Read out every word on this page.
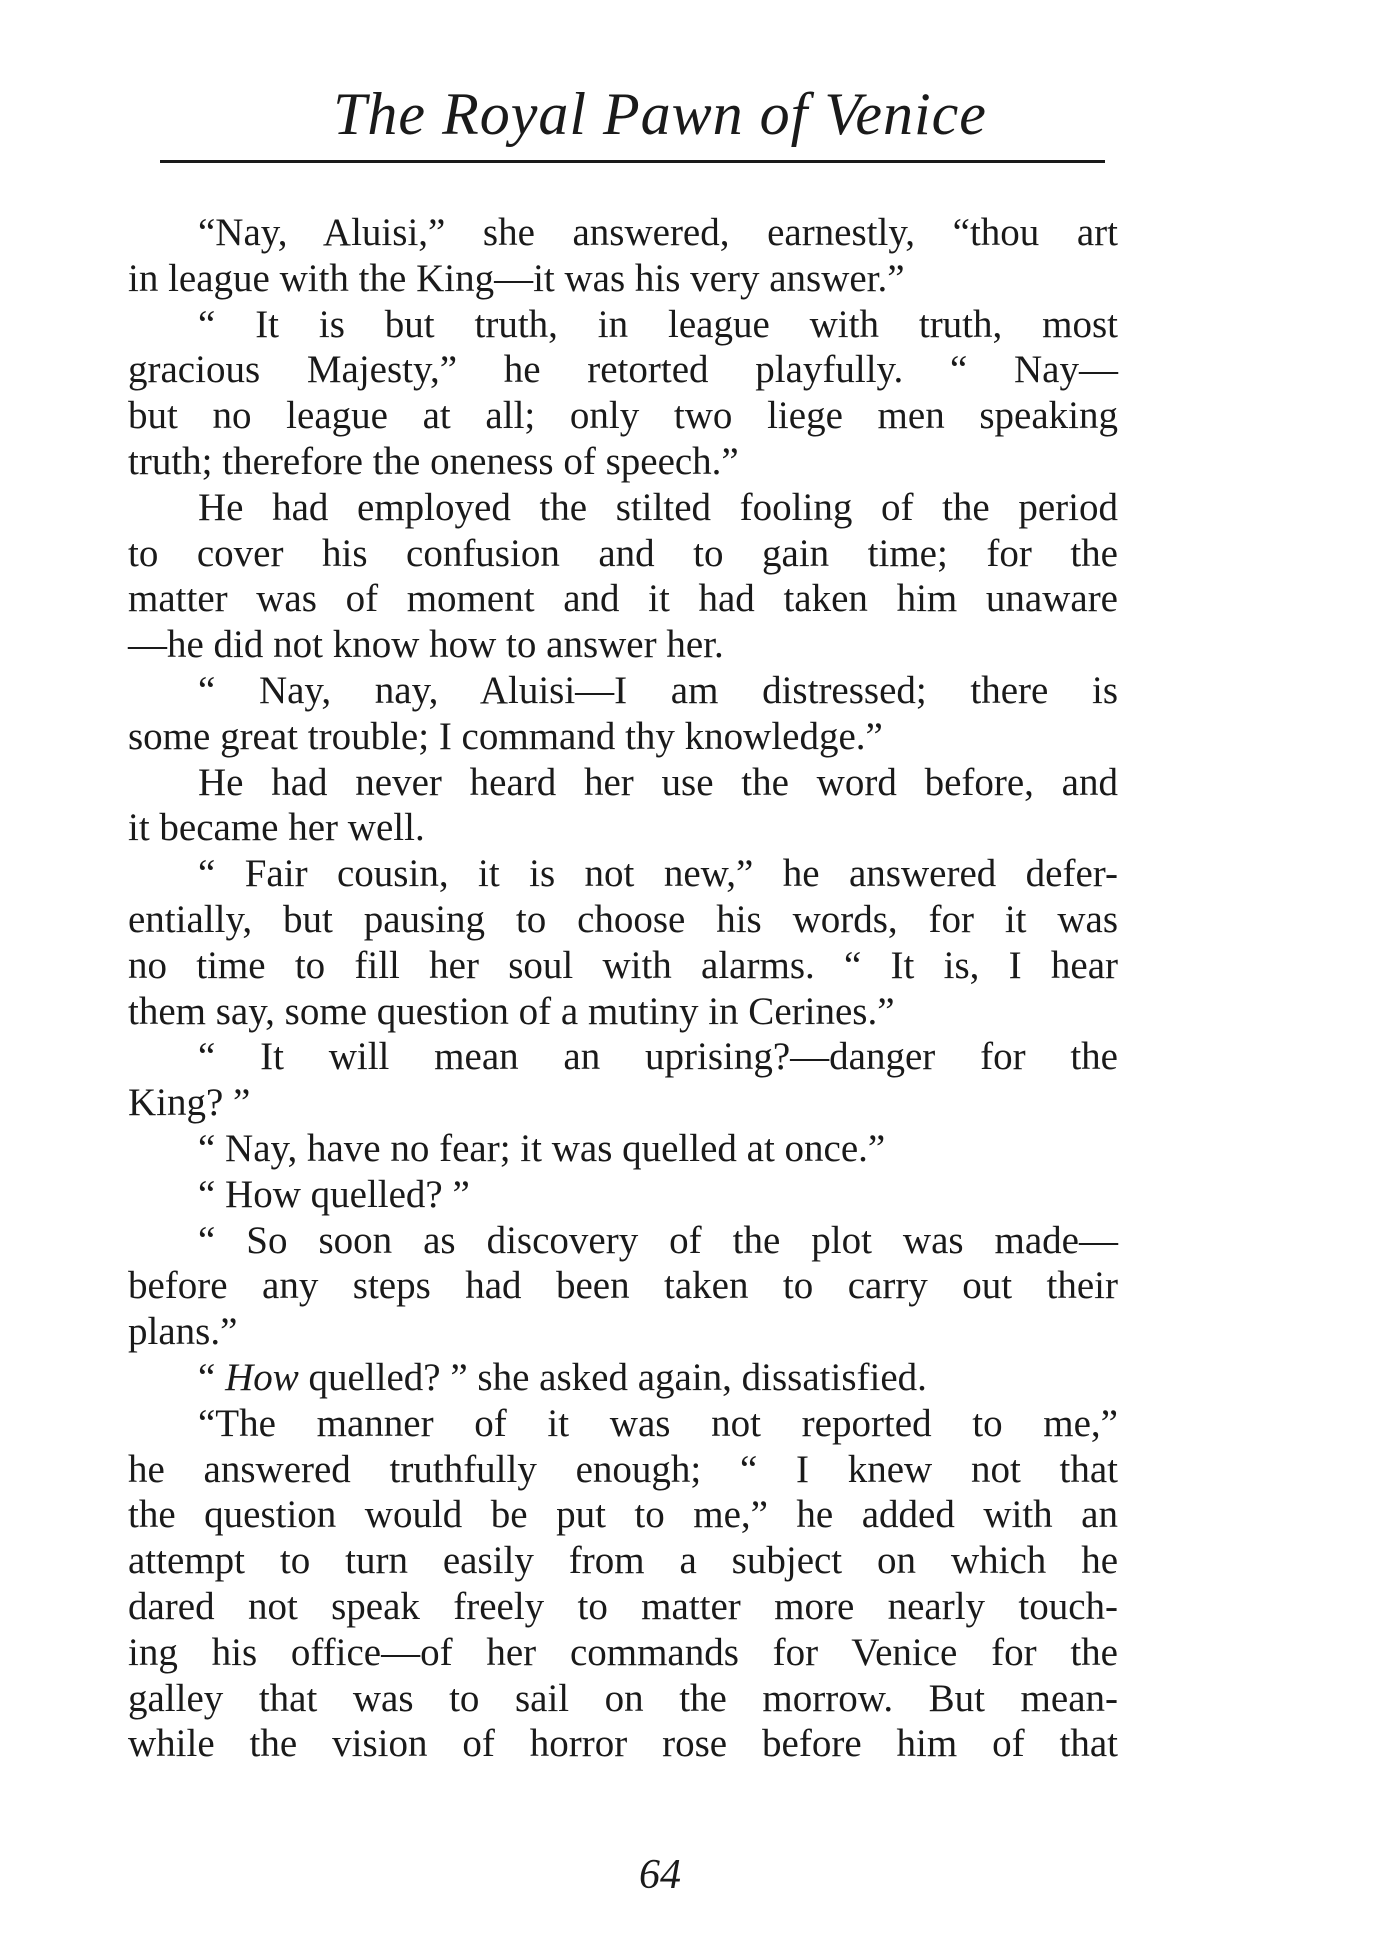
The Royal Pawn of Venice
“Nay, Aluisi,” she answered, earnestly, “thou art
in league with the King—it was his very answer.”
“ It is but truth, in league with truth, most
gracious Majesty,” he retorted playfully. “ Nay—
but no league at all; only two liege men speaking
truth; therefore the oneness of speech.”
He had employed the stilted fooling of the period
to cover his confusion and to gain time; for the
matter was of moment and it had taken him unaware
—he did not know how to answer her.
“ Nay, nay, Aluisi—I am distressed; there is
some great trouble; I command thy knowledge.”
He had never heard her use the word before, and
it became her well.
“ Fair cousin, it is not new,” he answered defer-
entially, but pausing to choose his words, for it was
no time to fill her soul with alarms. “ It is, I hear
them say, some question of a mutiny in Cerines.”
“ It will mean an uprising?—danger for the
King? ”
“ Nay, have no fear; it was quelled at once.”
“ How quelled? ”
“ So soon as discovery of the plot was made—
before any steps had been taken to carry out their
plans.”
“ How quelled? ” she asked again, dissatisfied.
“The manner of it was not reported to me,”
he answered truthfully enough; “ I knew not that
the question would be put to me,” he added with an
attempt to turn easily from a subject on which he
dared not speak freely to matter more nearly touch-
ing his office—of her commands for Venice for the
galley that was to sail on the morrow. But mean-
while the vision of horror rose before him of that
64
